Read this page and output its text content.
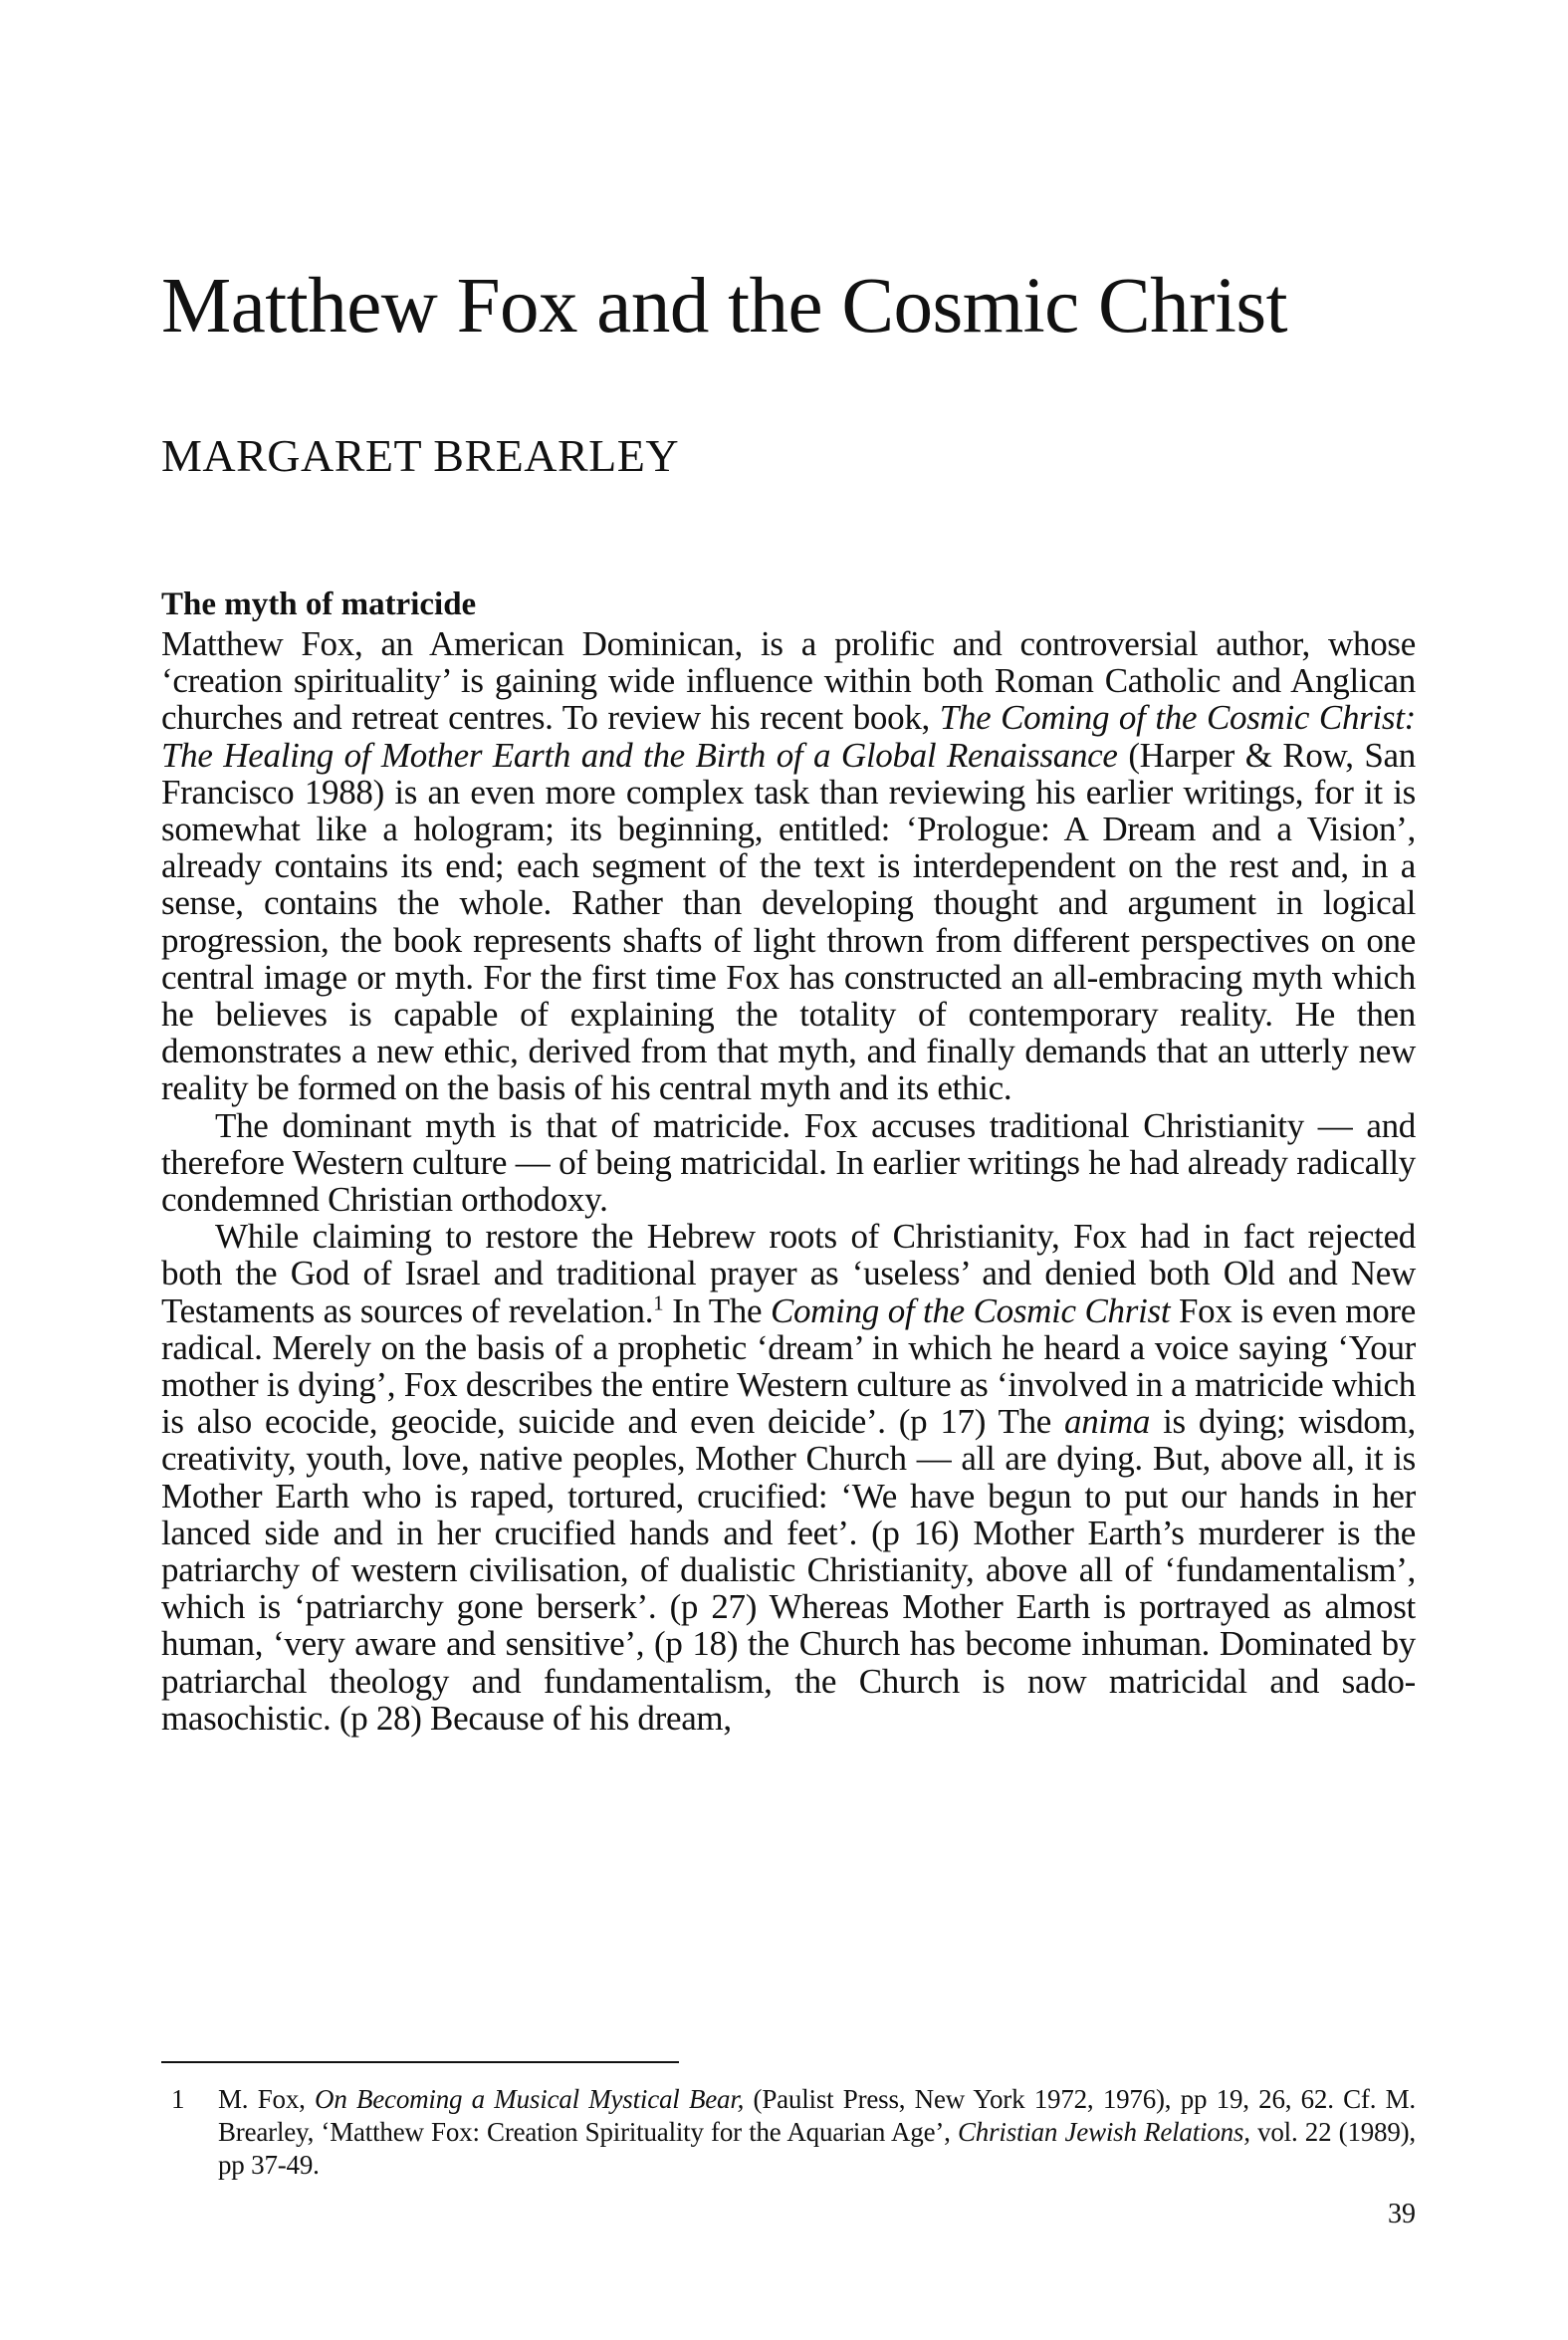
Matthew Fox and the Cosmic Christ
MARGARET BREARLEY
The myth of matricide

Matthew Fox, an American Dominican, is a prolific and controversial author, whose ‘creation spirituality’ is gaining wide influence within both Roman Catholic and Anglican churches and retreat centres. To review his recent book, The Coming of the Cosmic Christ: The Healing of Mother Earth and the Birth of a Global Renaissance (Harper & Row, San Francisco 1988) is an even more complex task than reviewing his earlier writings, for it is somewhat like a hologram; its beginning, entitled: ‘Prologue: A Dream and a Vision’, already contains its end; each segment of the text is interdependent on the rest and, in a sense, contains the whole. Rather than developing thought and argument in logical progression, the book represents shafts of light thrown from different perspectives on one central image or myth. For the first time Fox has constructed an all-embracing myth which he believes is capable of explaining the totality of contemporary reality. He then demonstrates a new ethic, derived from that myth, and finally demands that an utterly new reality be formed on the basis of his central myth and its ethic.

The dominant myth is that of matricide. Fox accuses traditional Christianity — and therefore Western culture — of being matricidal. In earlier writings he had already radically condemned Christian orthodoxy.

While claiming to restore the Hebrew roots of Christianity, Fox had in fact rejected both the God of Israel and traditional prayer as ‘useless’ and denied both Old and New Testaments as sources of revelation.$^1$ In The Coming of the Cosmic Christ Fox is even more radical. Merely on the basis of a prophetic ‘dream’ in which he heard a voice saying ‘Your mother is dying’, Fox describes the entire Western culture as ‘involved in a matricide which is also ecocide, geocide, suicide and even deicide’. (p 17) The anima is dying; wisdom, creativity, youth, love, native peoples, Mother Church — all are dying. But, above all, it is Mother Earth who is raped, tortured, crucified: ‘We have begun to put our hands in her lanced side and in her crucified hands and feet’. (p 16) Mother Earth’s murderer is the patriarchy of western civilisation, of dualistic Christianity, above all of ‘fundamentalism’, which is ‘patriarchy gone berserk’. (p 27) Whereas Mother Earth is portrayed as almost human, ‘very aware and sensitive’, (p 18) the Church has become inhuman. Dominated by patriarchal theology and fundamentalism, the Church is now matricidal and sado-masochistic. (p 28) Because of his dream,

1 M. Fox, On Becoming a Musical Mystical Bear, (Paulist Press, New York 1972, 1976), pp 19, 26, 62. Cf. M. Brearley, ‘Matthew Fox: Creation Spirituality for the Aquarian Age’, Christian Jewish Relations, vol. 22 (1989), pp 37-49.
39
